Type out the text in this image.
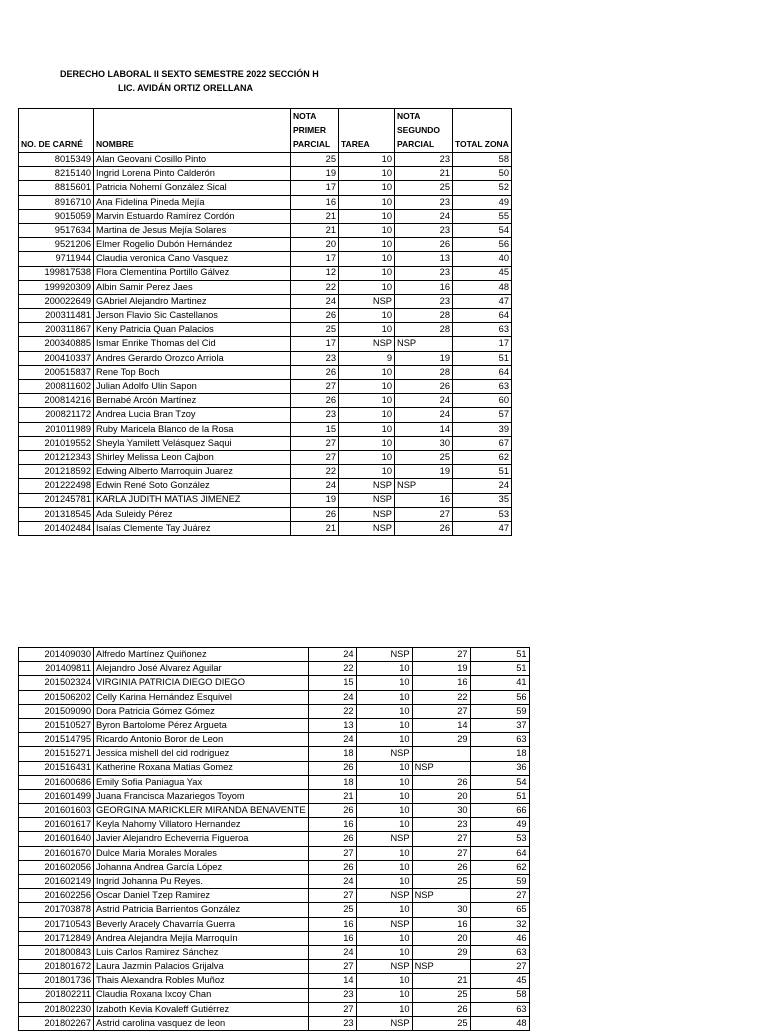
DERECHO LABORAL II SEXTO SEMESTRE 2022 SECCIÓN H
LIC. AVIDÁN ORTIZ ORELLANA
NO. DE CARNÉ	NOMBRE	NOTA PRIMER PARCIAL	TAREA	NOTA SEGUNDO PARCIAL	TOTAL ZONA
8015349	Alan Geovani Cosillo Pinto	25	10	23	58
8215140	Ingrid Lorena Pinto Calderón	19	10	21	50
8815601	Patricia Nohemí González Sical	17	10	25	52
8916710	Ana Fidelina Pineda Mejía	16	10	23	49
9015059	Marvin Estuardo Ramírez Cordón	21	10	24	55
9517634	Martina de Jesus Mejía Solares	21	10	23	54
9521206	Elmer Rogelio Dubón Hernández	20	10	26	56
9711944	Claudia veronica Cano Vasquez	17	10	13	40
199817538	Flora Clementina Portillo Gálvez	12	10	23	45
199920309	Albin Samir Perez Jaes	22	10	16	48
200022649	GAbriel Alejandro Martinez	24	NSP	23	47
200311481	Jerson Flavio Sic Castellanos	26	10	28	64
200311867	Keny Patricia Quan Palacios	25	10	28	63
200340885	Ismar Enrike Thomas del Cid	17	NSP	NSP	17
200410337	Andres Gerardo Orozco Arriola	23	9	19	51
200515837	Rene Top Boch	26	10	28	64
200811602	Julian Adolfo Ulin Sapon	27	10	26	63
200814216	Bernabé Arcón Martínez	26	10	24	60
200821172	Andrea Lucia Bran Tzoy	23	10	24	57
201011989	Ruby Maricela Blanco de la Rosa	15	10	14	39
201019552	Sheyla Yamilett Velásquez Saqui	27	10	30	67
201212343	Shirley Melissa Leon Cajbon	27	10	25	62
201218592	Edwing Alberto Marroquin Juarez	22	10	19	51
201222498	Edwin René Soto González	24	NSP	NSP	24
201245781	KARLA JUDITH MATIAS JIMENEZ	19	NSP	16	35
201318545	Ada Suleidy Pérez	26	NSP	27	53
201402484	Isaías Clemente Tay Juárez	21	NSP	26	47
201409030	Alfredo Martínez Quiñonez	24	NSP	27	51
201409811	Alejandro José Alvarez Aguilar	22	10	19	51
201502324	VIRGINIA PATRICIA DIEGO DIEGO	15	10	16	41
201506202	Celly Karina Hernández Esquivel	24	10	22	56
201509090	Dora Patricia Gómez Gómez	22	10	27	59
201510527	Byron Bartolome Pérez Argueta	13	10	14	37
201514795	Ricardo Antonio Boror de Leon	24	10	29	63
201515271	Jessica mishell del cid rodriguez	18	NSP		18
201516431	Katherine Roxana Matias Gomez	26	10	NSP	36
201600686	Emily Sofia Paniagua Yax	18	10	26	54
201601499	Juana Francisca Mazariegos Toyom	21	10	20	51
201601603	GEORGINA MARICKLER MIRANDA BENAVENTE	26	10	30	66
201601617	Keyla Nahomy Villatoro Hernandez	16	10	23	49
201601640	Javier Alejandro Echeverria Figueroa	26	NSP	27	53
201601670	Dulce Maria Morales Morales	27	10	27	64
201602056	Johanna Andrea García López	26	10	26	62
201602149	Ingrid Johanna Pu Reyes.	24	10	25	59
201602256	Oscar Daniel Tzep Ramirez	27	NSP	NSP	27
201703878	Astrid Patricia Barrientos González	25	10	30	65
201710543	Beverly Aracely Chavarría Guerra	16	NSP	16	32
201712849	Andrea Alejandra Mejía Marroquín	16	10	20	46
201800843	Luis Carlos Ramirez Sánchez	24	10	29	63
201801672	Laura Jazmin Palacios Grijalva	27	NSP	NSP	27
201801736	Thais Alexandra Robles Muñoz	14	10	21	45
201802211	Claudia Roxana Ixcoy Chan	23	10	25	58
201802230	Izaboth Kevia Kovaleff Gutiérrez	27	10	26	63
201802267	Astrid carolina vasquez de leon	23	NSP	25	48
